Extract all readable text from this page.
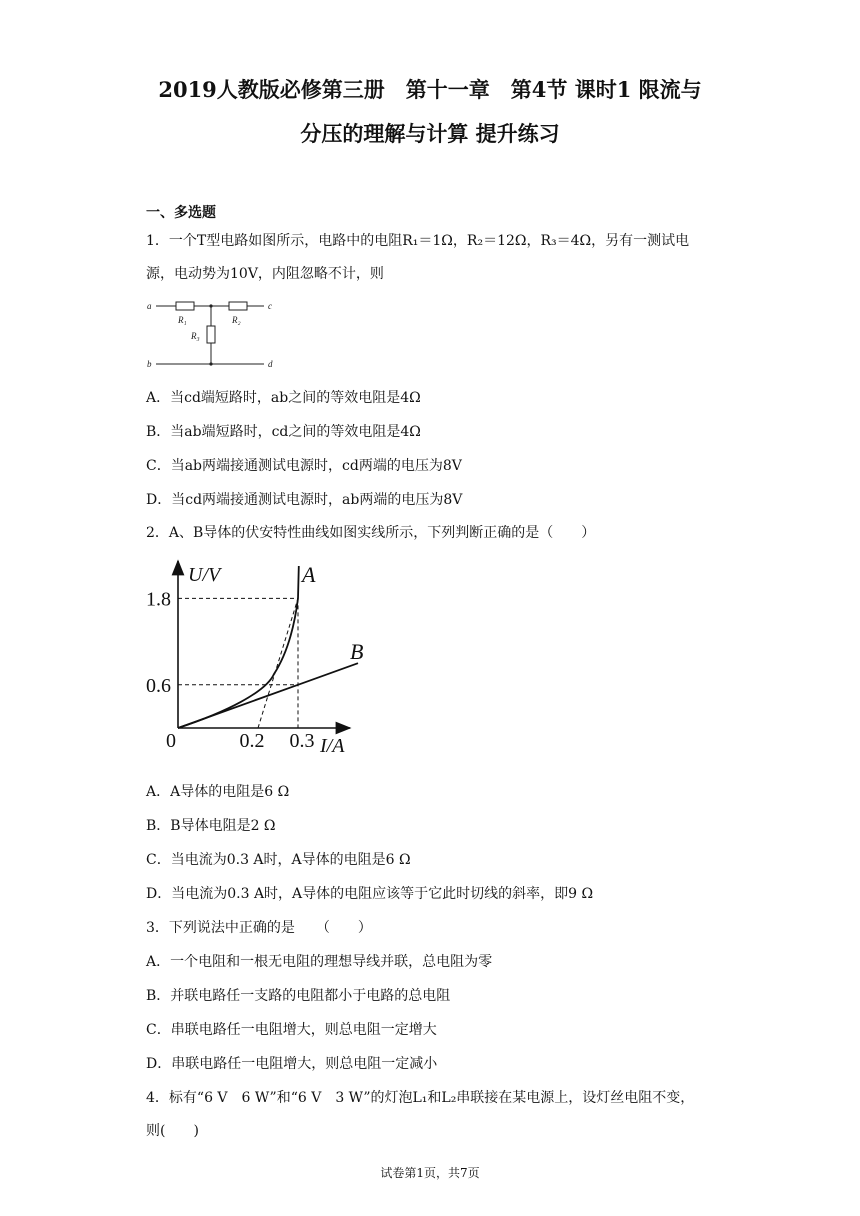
2019人教版必修第三册　第十一章　第4节 课时1 限流与
分压的理解与计算 提升练习
一、多选题
1．一个T型电路如图所示，电路中的电阻R₁＝1Ω，R₂＝12Ω，R₃＝4Ω，另有一测试电
源，电动势为10V，内阻忽略不计，则
a
b
c
d
R₁	R₂
R₃
A．当cd端短路时，ab之间的等效电阻是4Ω
B．当ab端短路时，cd之间的等效电阻是4Ω
C．当ab两端接通测试电源时，cd两端的电压为8V
D．当cd两端接通测试电源时，ab两端的电压为8V
2．A、B导体的伏安特性曲线如图实线所示，下列判断正确的是（　　）
U/V
I/A
0	0.2 0.3
1.8
0.6
A
B
A．A导体的电阻是6 Ω
B．B导体电阻是2 Ω
C．当电流为0.3 A时，A导体的电阻是6 Ω
D．当电流为0.3 A时，A导体的电阻应该等于它此时切线的斜率，即9 Ω
3．下列说法中正确的是　　（　　）
A．一个电阻和一根无电阻的理想导线并联，总电阻为零
B．并联电路任一支路的电阻都小于电路的总电阻
C．串联电路任一电阻增大，则总电阻一定增大
D．串联电路任一电阻增大，则总电阻一定减小
4．标有“6 V　6 W”和“6 V　3 W”的灯泡L₁和L₂串联接在某电源上，设灯丝电阻不变，
则(　　)
试卷第1页，共7页
